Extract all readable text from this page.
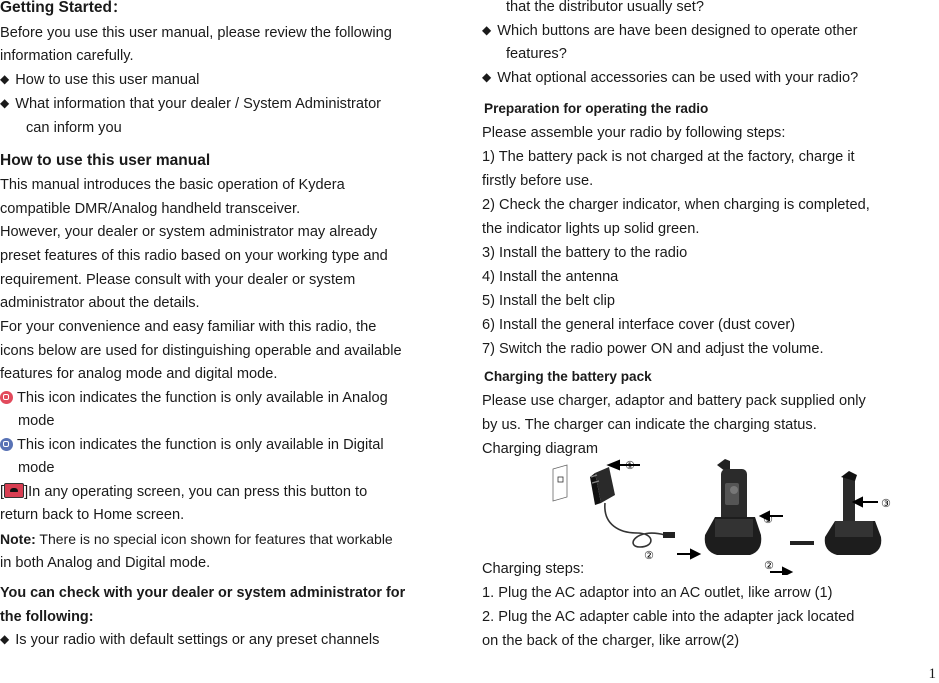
Getting Started：
Before you use this user manual, please review the following
information carefully.
◆ How to use this user manual
◆ What information that your dealer / System Administrator
can inform you
How to use this user manual
This manual introduces the basic operation of Kydera
compatible DMR/Analog handheld transceiver.
However, your dealer or system administrator may already
preset features of this radio based on your working type and
requirement. Please consult with your dealer or system
administrator about the details.
For your convenience and easy familiar with this radio, the
icons below are used for distinguishing operable and available
features for analog mode and digital mode.
This icon indicates the function is only available in Analog
mode
This icon indicates the function is only available in Digital
mode
[ ]In any operating screen, you can press this button to
return back to Home screen.
Note: There is no special icon shown for features that workable
in both Analog and Digital mode.
You can check with your dealer or system administrator for
the following:
◆ Is your radio with default settings or any preset channels
that the distributor usually set?
◆ Which buttons are have been designed to operate other
features?
◆ What optional accessories can be used with your radio?
Preparation for operating the radio
Please assemble your radio by following steps:
1) The battery pack is not charged at the factory, charge it
firstly before use.
2) Check the charger indicator, when charging is completed,
the indicator lights up solid green.
3) Install the battery to the radio
4) Install the antenna
5) Install the belt clip
6) Install the general interface cover (dust cover)
7) Switch the radio power ON and adjust the volume.
Charging the battery pack
Please use charger, adaptor and battery pack supplied only
by us. The charger can indicate the charging status.
Charging diagram
Charging steps:
1. Plug the AC adaptor into an AC outlet, like arrow (1)
2. Plug the AC adapter cable into the adapter jack located
on the back of the charger, like arrow(2)
①
②
②
③
③
1
